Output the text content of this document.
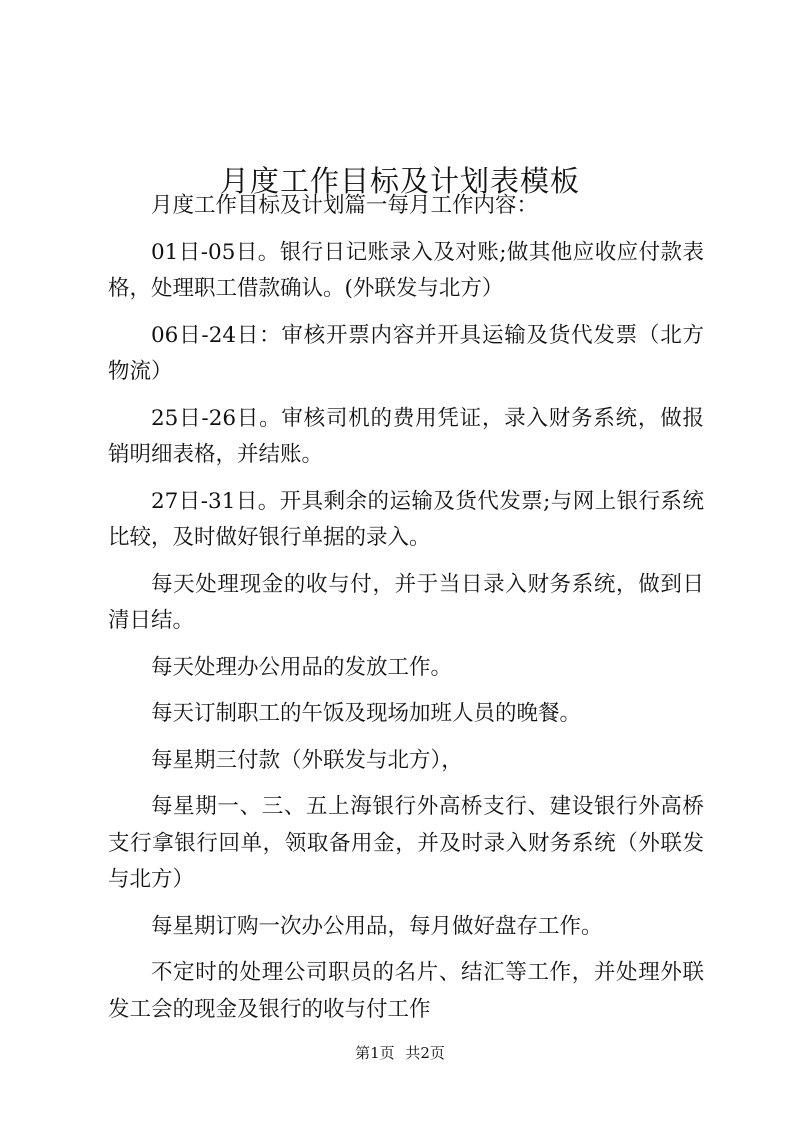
月度工作目标及计划表模板

月度工作目标及计划篇一每月工作内容：

01日-05日。银行日记账录入及对账;做其他应收应付款表格，处理职工借款确认。(外联发与北方）

06日-24日：审核开票内容并开具运输及货代发票（北方物流）

25日-26日。审核司机的费用凭证，录入财务系统，做报销明细表格，并结账。

27日-31日。开具剩余的运输及货代发票;与网上银行系统比较，及时做好银行单据的录入。

每天处理现金的收与付，并于当日录入财务系统，做到日清日结。

每天处理办公用品的发放工作。

每天订制职工的午饭及现场加班人员的晚餐。

每星期三付款（外联发与北方），

每星期一、三、五上海银行外高桥支行、建设银行外高桥支行拿银行回单，领取备用金，并及时录入财务系统（外联发与北方）

每星期订购一次办公用品，每月做好盘存工作。

不定时的处理公司职员的名片、结汇等工作，并处理外联发工会的现金及银行的收与付工作

第1页 共2页
